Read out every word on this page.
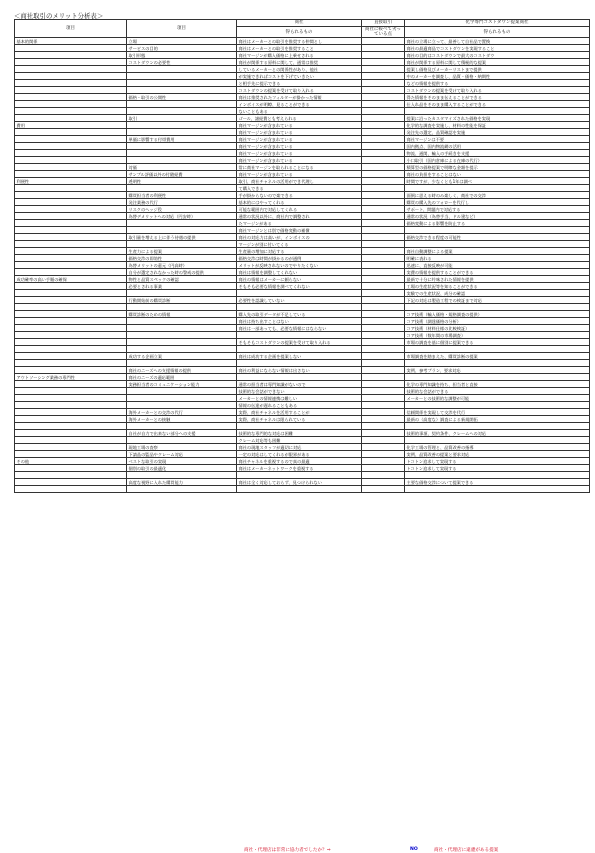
＜商社取引のメリット分析表＞
項目	項目	商社	直接取引	化学専門コストダウン提案商社
		得られるもの	商社に較べて劣っている点	得られるもの
基本的関係	立場	商社はメーカーとの取引を推奨する仲間とし		商社の立場に立って、最善して自社品で置換
	サービスの目的	商社はメーカーとの取引を推奨すること		商社の最適商品でコストダウンを実現すること
	取引形態	商社マージンが購入価格に上乗せされる		商社の目的はコストダウンで最大のコストダウ
	コストダウンの必要性	商社が関係する原料に関して、通常は推奨		商社が関係する原料に関して積極的な提案
		しているメーカーとの関係性があり、他社		提案し価格及びメーカーリストまで提供
		が実施できればコストを下げていきたい		中のメーカーを調査し、品質・価格・納期性
		と相手先に提示できる		などの情報を提供する
		コストダウンの提案を受けて取り入れる		コストダウンの提案を受けて取り入れる
	価格・取引の公開性	商社は推奨されたフィルターが掛かった情報		得た情報をそのまま伝えることができる
		インボイスが明瞭、見ることができる		仕入れ品をそのまま購入することができる
		ないこともある		
	取引	ゴール、諸経費とも考えられる		提案に沿ったカスタマイズされた価格を実現
費用		商社マージンが含まれている		化学的な調査を実施し、材料の性能を保証
		商社マージンが含まれている		発注先の選定、品質確認を実施
	単価に影響する付帯費用	商社マージンが含まれている		商社マージンは不要
		商社マージンが含まれている		国内拠点、国内物流網の活用
		商社マージンが含まれている		物流、通関、輸入の手続きを支援
		商社マージンが含まれている		小口取引（国内倉庫による在庫の代行）
	対価	常に商社マージンを取られることになる		積算型の価格提案で明瞭な金額を提示
	サンプル評価以外の付随経費	商社マージンが含まれている		商社の負担をすることはない
利便性	透明性	取引、商社チャネルの活用ができ代理し		時間ですが、少なくとも1年は調べ
		て購入できる		
	購買担当者の利便性	手が掛からないので楽できる		面倒に思える時のみ楽しく、商社での交渉
	発注業務の代行	基本的にはやってくれる		購買の購入先のフォローを代行し
	リスクのヘッジ役	可能な範囲内で対応してくれる		サポート、問題内で対応する
	為替デメリットへの対応（円安時）	通常の状況以外に、商社内で調整され		通常の状況（為替手当、ドル建など）
		たマージンがある		価格変動による影響を防止する
		商社マージンとは別で価格変動の補償		
	取引量を増える上に伴う待遇の提供	商社の対応力は高いが、インボイスの		価格交渉できる程度の可能性
		マージンが別に付いてくる		
	生産力による提案	生産量の増加に対応する		商社自動調整による提案
	価格交渉の即効性	価格交渉は時間が掛かるのが通例		明確に表れる
	為替メリットの還元（円高時）	メリットが反映されないのでやりたくない		迅速に、直接反映が可能
	自分が選定されなかった時の警戒の提供	商社は情報を調整してくれない		実費の情報を提供することができる
成功確率の高い手順の確保	物性と品質スペックの確認	商社の情報はメーカーに頼らない		最新で十分に吟味された情報を提供
	必要とされる事業	そもそも必要な情報を調べてくれない		工場の生産状況等を知ることができる
				実験での生産状況、成分の確認
	行動開始前の購買診断	必要性を認識していない		下記の対応は製造工程での検証まで対応

	購買診断のための情報	購入先の取引データが不足している		コア技術（輸入価格・規格調査の提供）
		商社は持ち出すことはない		コア技術（調達価格の分析）
		商社は一部あっても、必要な情報にはならない		コア技術（材料仕様の比較検証）
				コア技術（数年間の市場調査）
		そもそもコストダウンの提案を受けて取り入れる		市場の調査を基に個別に提案できる

	成功する企画立案	商社は成功する企画を提案しない		市場調査を踏まえた、購買診断の提案

	商社のニーズへの支援情報の提供	商社の利益にならない情報は出さない		実例、参考プラン、要求対応
アウトソーシング業務の専門性	商社のニーズの適応範囲			
	実務担当者のコミュニケーション能力	通常の担当者は専門知識がないので		化学の専門知識を持ち、担当者と直接
		技術的な会話ができない		技術的な会話ができる
		メーカーとの情報連携は難しい		メーカーとの技術的な調整が可能
		情報の伝達が遅れることもある		
	海外メーカーとの交渉の代行	実際、商社チャネルを活用することが		信頼関係を実現して交渉を代行
	海外メーカーとの接触	実際、商社チャネルは限られている		最新の（高度な）調査による新規開拓

	自社が自力で出来ない部分への支援	技術的な専門的な対応は困難		技術的事項、契約条件、クレームへの対応
		クレーム対応等も困難		
	現地工場の査察	商社の現地スタッフが適切に対応		化学工場の管理と、品質改善の指導
	下請品の監品やクレーム対応	一定の対応はしてくれるが限界がある		実例、品質改善の提案と要求対応
その他	ベストな取引の実現	商社チャネルを重視するので真の最適		トコトン追求して実現する
	個別の取引の最適化	商社はメーカーネットワークを重視する		トコトン追求して実現する

	高度な視野に入れた購買能力	商社は全く対応しておらず、見つけられない		主要な価格交渉について提案できる

商社・代理店は非常に協力者でしたか？⇒	NO	商社・代理店に遠慮がある提案
